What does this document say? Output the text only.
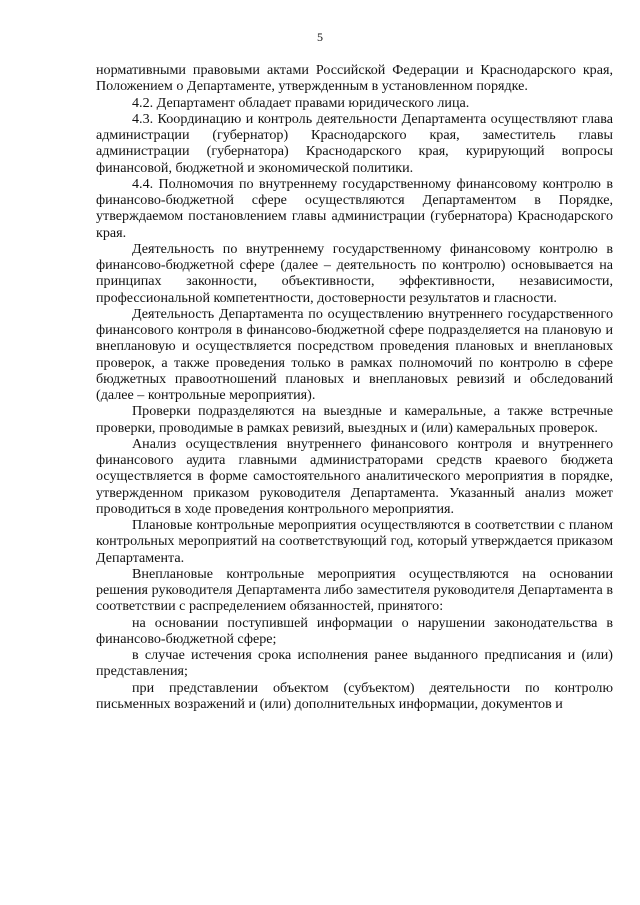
5

нормативными правовыми актами Российской Федерации и Краснодарского края, Положением о Департаменте, утвержденным в установленном порядке.

4.2. Департамент обладает правами юридического лица.

4.3. Координацию и контроль деятельности Департамента осуществляют глава администрации (губернатор) Краснодарского края, заместитель главы администрации (губернатора) Краснодарского края, курирующий вопросы финансовой, бюджетной и экономической политики.

4.4. Полномочия по внутреннему государственному финансовому контролю в финансово-бюджетной сфере осуществляются Департаментом в Порядке, утверждаемом постановлением главы администрации (губернатора) Краснодарского края.

Деятельность по внутреннему государственному финансовому контролю в финансово-бюджетной сфере (далее – деятельность по контролю) основывается на принципах законности, объективности, эффективности, независимости, профессиональной компетентности, достоверности результатов и гласности.

Деятельность Департамента по осуществлению внутреннего государственного финансового контроля в финансово-бюджетной сфере подразделяется на плановую и внеплановую и осуществляется посредством проведения плановых и внеплановых проверок, а также проведения только в рамках полномочий по контролю в сфере бюджетных правоотношений плановых и внеплановых ревизий и обследований (далее – контрольные мероприятия).

Проверки подразделяются на выездные и камеральные, а также встречные проверки, проводимые в рамках ревизий, выездных и (или) камеральных проверок.

Анализ осуществления внутреннего финансового контроля и внутреннего финансового аудита главными администраторами средств краевого бюджета осуществляется в форме самостоятельного аналитического мероприятия в порядке, утвержденном приказом руководителя Департамента. Указанный анализ может проводиться в ходе проведения контрольного мероприятия.

Плановые контрольные мероприятия осуществляются в соответствии с планом контрольных мероприятий на соответствующий год, который утверждается приказом Департамента.

Внеплановые контрольные мероприятия осуществляются на основании решения руководителя Департамента либо заместителя руководителя Департамента в соответствии с распределением обязанностей, принятого:

на основании поступившей информации о нарушении законодательства в финансово-бюджетной сфере;

в случае истечения срока исполнения ранее выданного предписания и (или) представления;

при представлении объектом (субъектом) деятельности по контролю письменных возражений и (или) дополнительных информации, документов и
